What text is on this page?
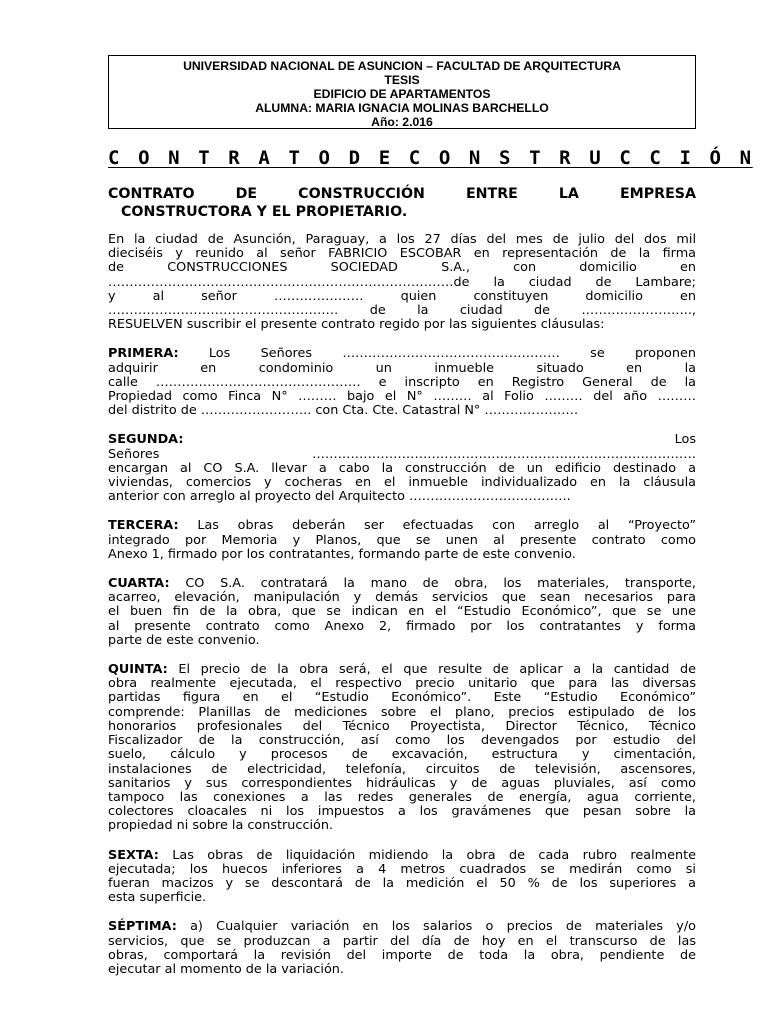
UNIVERSIDAD NACIONAL DE ASUNCION – FACULTAD DE ARQUITECTURA
TESIS
EDIFICIO DE APARTAMENTOS
ALUMNA: MARIA IGNACIA MOLINAS BARCHELLO
Año: 2.016
C O N T R A T O D E C O N S T R U C C I Ó N
CONTRATO DE CONSTRUCCIÓN ENTRE LA EMPRESA
CONSTRUCTORA Y EL PROPIETARIO.
En la ciudad de Asunción, Paraguay, a los 27 días del mes de julio del dos mil
dieciséis y reunido al señor FABRICIO ESCOBAR en representación de la firma
de CONSTRUCCIONES SOCIEDAD S.A., con domicilio en
………………………………………………………………………de la ciudad de Lambare;
y al señor ………………… quien constituyen domicilio en
……………………………………………… de la ciudad de ……………………..,
RESUELVEN suscribir el presente contrato regido por las siguientes cláusulas:
PRIMERA: Los Señores …………………………………………… se proponen
adquirir en condominio un inmueble situado en la
calle ………………………………………… e inscripto en Registro General de la
Propiedad como Finca N° ……… bajo el N° ……… al Folio ……… del año ………
del distrito de …………………….. con Cta. Cte. Catastral N° ………………….
SEGUNDA:	Los
Señores ………………………………………………………………………………
encargan al CO S.A. llevar a cabo la construcción de un edificio destinado a
viviendas, comercios y cocheras en el inmueble individualizado en la cláusula
anterior con arreglo al proyecto del Arquitecto ………………………………..
TERCERA: Las obras deberán ser efectuadas con arreglo al “Proyecto”
integrado por Memoria y Planos, que se unen al presente contrato como
Anexo 1, firmado por los contratantes, formando parte de este convenio.
CUARTA: CO S.A. contratará la mano de obra, los materiales, transporte,
acarreo, elevación, manipulación y demás servicios que sean necesarios para
el buen fin de la obra, que se indican en el “Estudio Económico”, que se une
al presente contrato como Anexo 2, firmado por los contratantes y forma
parte de este convenio.
QUINTA: El precio de la obra será, el que resulte de aplicar a la cantidad de
obra realmente ejecutada, el respectivo precio unitario que para las diversas
partidas figura en el “Estudio Económico”. Este “Estudio Económico”
comprende: Planillas de mediciones sobre el plano, precios estipulado de los
honorarios profesionales del Técnico Proyectista, Director Técnico, Técnico
Fiscalizador de la construcción, así como los devengados por estudio del
suelo, cálculo y procesos de excavación, estructura y cimentación,
instalaciones de electricidad, telefonía, circuitos de televisión, ascensores,
sanitarios y sus correspondientes hidráulicas y de aguas pluviales, así como
tampoco las conexiones a las redes generales de energía, agua corriente,
colectores cloacales ni los impuestos a los gravámenes que pesan sobre la
propiedad ni sobre la construcción.
SEXTA: Las obras de liquidación midiendo la obra de cada rubro realmente
ejecutada; los huecos inferiores a 4 metros cuadrados se medirán como si
fueran macizos y se descontará de la medición el 50 % de los superiores a
esta superficie.
SÉPTIMA: a) Cualquier variación en los salarios o precios de materiales y/o
servicios, que se produzcan a partir del día de hoy en el transcurso de las
obras, comportará la revisión del importe de toda la obra, pendiente de
ejecutar al momento de la variación.
